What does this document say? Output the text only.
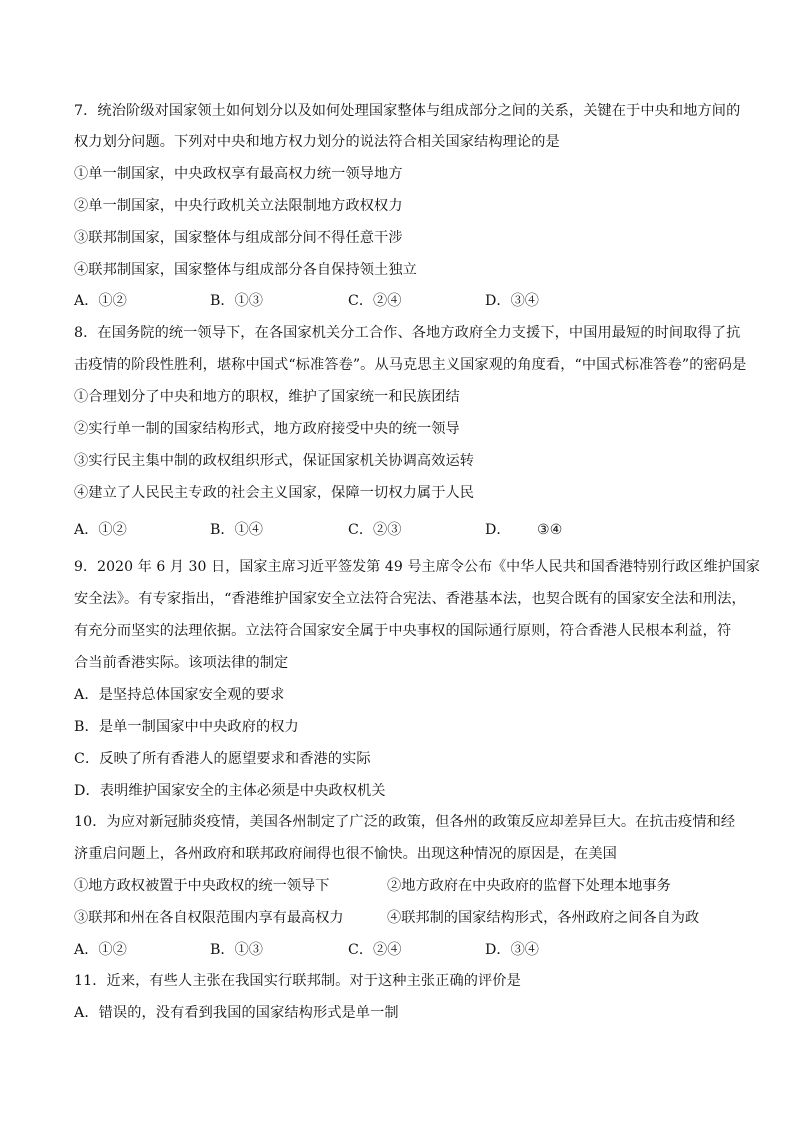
7．统治阶级对国家领土如何划分以及如何处理国家整体与组成部分之间的关系，关键在于中央和地方间的
权力划分问题。下列对中央和地方权力划分的说法符合相关国家结构理论的是
①单一制国家，中央政权享有最高权力统一领导地方
②单一制国家，中央行政机关立法限制地方政权权力
③联邦制国家，国家整体与组成部分间不得任意干涉
④联邦制国家，国家整体与组成部分各自保持领土独立
A．①②	B．①③	C．②④	D．③④
8．在国务院的统一领导下，在各国家机关分工合作、各地方政府全力支援下，中国用最短的时间取得了抗
击疫情的阶段性胜利，堪称中国式“标准答卷”。从马克思主义国家观的角度看，“中国式标准答卷”的密码是
①合理划分了中央和地方的职权，维护了国家统一和民族团结
②实行单一制的国家结构形式，地方政府接受中央的统一领导
③实行民主集中制的政权组织形式，保证国家机关协调高效运转
④建立了人民民主专政的社会主义国家，保障一切权力属于人民
A．①②	B．①④	C．②③	D． ③④
9．2020 年 6 月 30 日，国家主席习近平签发第 49 号主席令公布《中华人民共和国香港特别行政区维护国家
安全法》。有专家指出，“香港维护国家安全立法符合宪法、香港基本法，也契合既有的国家安全法和刑法，
有充分而坚实的法理依据。立法符合国家安全属于中央事权的国际通行原则，符合香港人民根本利益，符
合当前香港实际。该项法律的制定
A．是坚持总体国家安全观的要求
B．是单一制国家中中央政府的权力
C．反映了所有香港人的愿望要求和香港的实际
D．表明维护国家安全的主体必须是中央政权机关
10．为应对新冠肺炎疫情，美国各州制定了广泛的政策，但各州的政策反应却差异巨大。在抗击疫情和经
济重启问题上，各州政府和联邦政府闹得也很不愉快。出现这种情况的原因是，在美国
①地方政权被置于中央政权的统一领导下	②地方政府在中央政府的监督下处理本地事务
③联邦和州在各自权限范围内享有最高权力	④联邦制的国家结构形式，各州政府之间各自为政
A．①②	B．①③	C．②④	D．③④
11．近来，有些人主张在我国实行联邦制。对于这种主张正确的评价是
A．错误的，没有看到我国的国家结构形式是单一制
